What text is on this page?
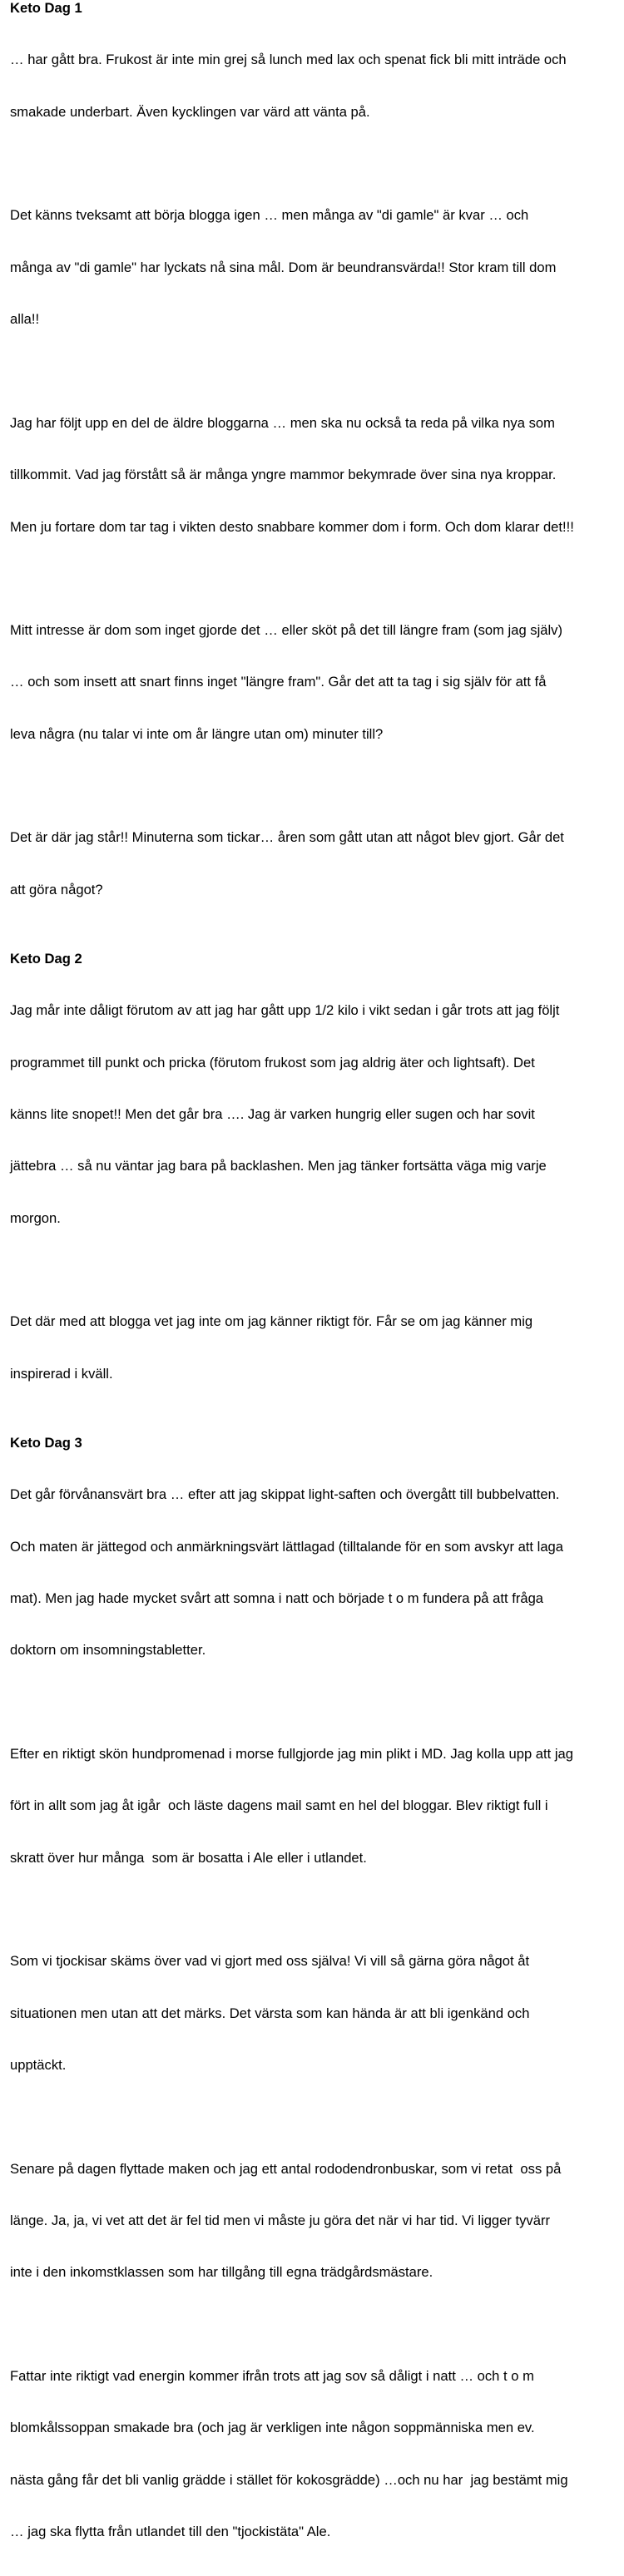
Keto Dag 1

… har gått bra. Frukost är inte min grej så lunch med lax och spenat fick bli mitt inträde och

smakade underbart. Även kycklingen var värd att vänta på.

Det känns tveksamt att börja blogga igen … men många av "di gamle" är kvar … och

många av "di gamle" har lyckats nå sina mål. Dom är beundransvärda!! Stor kram till dom

alla!!

Jag har följt upp en del de äldre bloggarna … men ska nu också ta reda på vilka nya som

tillkommit. Vad jag förstått så är många yngre mammor bekymrade över sina nya kroppar.

Men ju fortare dom tar tag i vikten desto snabbare kommer dom i form. Och dom klarar det!!!

Mitt intresse är dom som inget gjorde det … eller sköt på det till längre fram (som jag själv)

… och som insett att snart finns inget "längre fram". Går det att ta tag i sig själv för att få

leva några (nu talar vi inte om år längre utan om) minuter till?

Det är där jag står!! Minuterna som tickar… åren som gått utan att något blev gjort. Går det

att göra något?

Keto Dag 2

Jag mår inte dåligt förutom av att jag har gått upp 1/2 kilo i vikt sedan i går trots att jag följt

programmet till punkt och pricka (förutom frukost som jag aldrig äter och lightsaft). Det

känns lite snopet!! Men det går bra …. Jag är varken hungrig eller sugen och har sovit

jättebra … så nu väntar jag bara på backlashen. Men jag tänker fortsätta väga mig varje

morgon.

Det där med att blogga vet jag inte om jag känner riktigt för. Får se om jag känner mig

inspirerad i kväll.

Keto Dag 3

Det går förvånansvärt bra … efter att jag skippat light-saften och övergått till bubbelvatten.

Och maten är jättegod och anmärkningsvärt lättlagad (tilltalande för en som avskyr att laga

mat). Men jag hade mycket svårt att somna i natt och började t o m fundera på att fråga

doktorn om insomningstabletter.

Efter en riktigt skön hundpromenad i morse fullgjorde jag min plikt i MD. Jag kolla upp att jag

fört in allt som jag åt igår  och läste dagens mail samt en hel del bloggar. Blev riktigt full i

skratt över hur många  som är bosatta i Ale eller i utlandet.

Som vi tjockisar skäms över vad vi gjort med oss själva! Vi vill så gärna göra något åt

situationen men utan att det märks. Det värsta som kan hända är att bli igenkänd och

upptäckt.

Senare på dagen flyttade maken och jag ett antal rododendronbuskar, som vi retat  oss på

länge. Ja, ja, vi vet att det är fel tid men vi måste ju göra det när vi har tid. Vi ligger tyvärr

inte i den inkomstklassen som har tillgång till egna trädgårdsmästare.

Fattar inte riktigt vad energin kommer ifrån trots att jag sov så dåligt i natt … och t o m

blomkålssoppan smakade bra (och jag är verkligen inte någon soppmänniska men ev.

nästa gång får det bli vanlig grädde i stället för kokosgrädde) …och nu har  jag bestämt mig

… jag ska flytta från utlandet till den "tjockistäta" Ale.
